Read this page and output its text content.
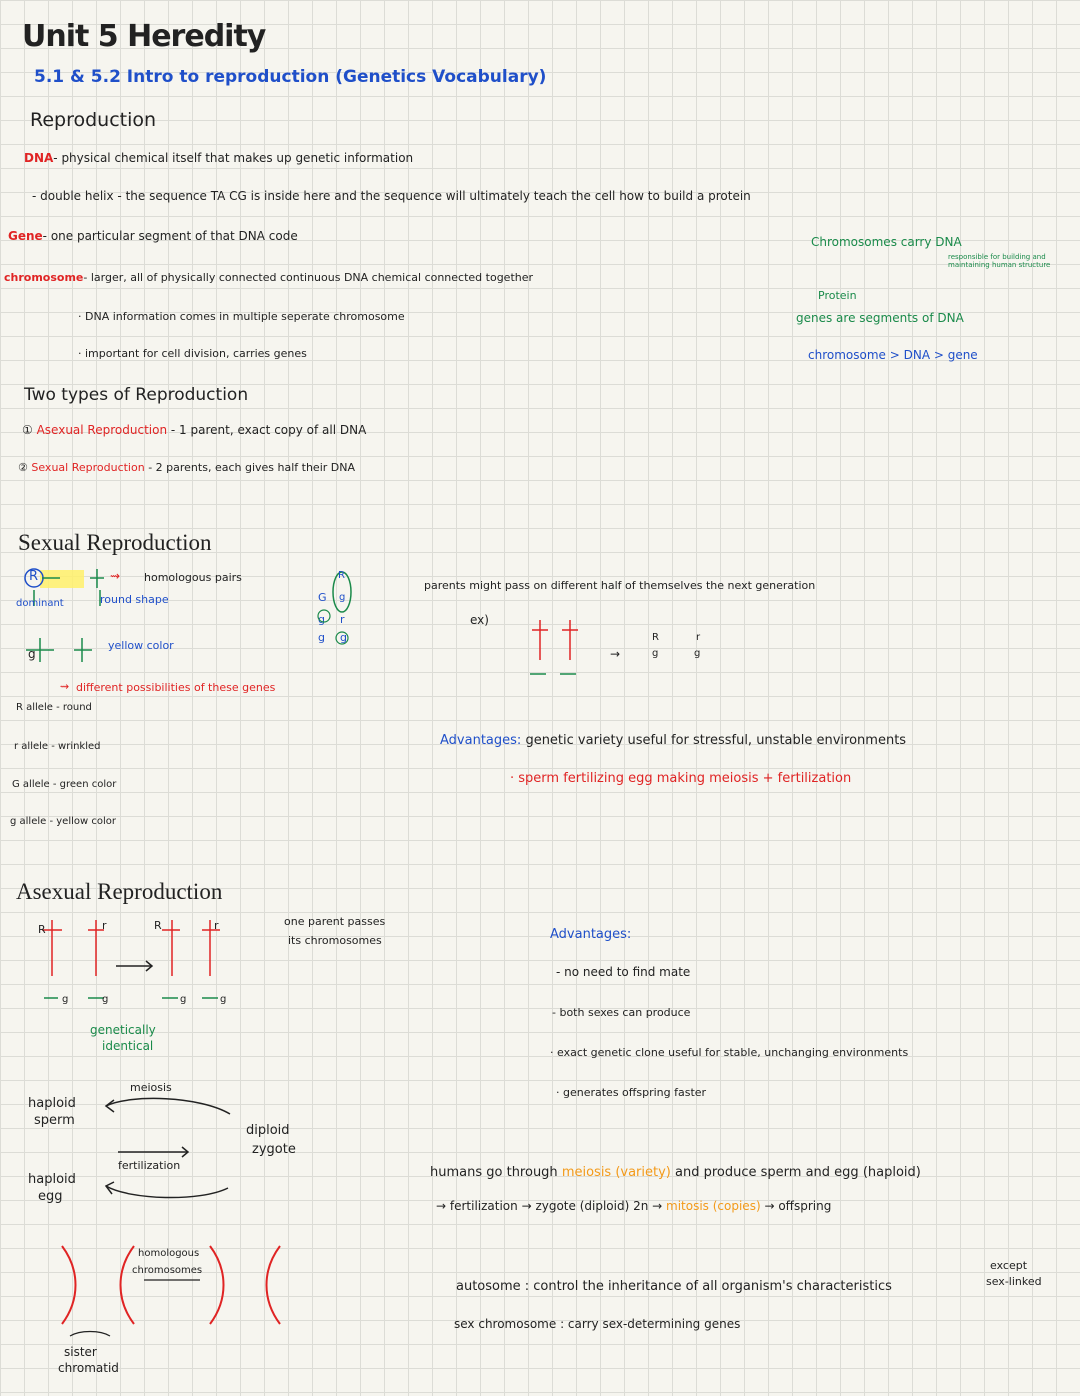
Unit 5 Heredity
5.1 & 5.2 Intro to reproduction (Genetics Vocabulary)
Reproduction
DNA- physical chemical itself that makes up genetic information
- double helix - the sequence TA CG is inside here and the sequence will ultimately teach the cell how to build a protein
Gene- one particular segment of that DNA code
chromosome- larger, all of physically connected continuous DNA chemical connected together
· DNA information comes in multiple seperate chromosome
· important for cell division, carries genes
Chromosomes carry DNA
responsible for building and maintaining human structure
Protein
genes are segments of DNA
chromosome > DNA > gene
Two types of Reproduction
① Asexual Reproduction - 1 parent, exact copy of all DNA
② Sexual Reproduction - 2 parents, each gives half their DNA
Sexual Reproduction
R	⇝ homologous pairs
dominant	round shape
g
yellow color
⇝ different possibilities of these genes
R allele - round
r allele - wrinkled
G allele - green color
g allele - yellow color
G
g
g
R
g
r
g
parents might pass on different half of themselves the next generation
ex)
→
R	r
g	g
Advantages: genetic variety useful for stressful, unstable environments
· sperm fertilizing egg making meiosis + fertilization
Asexual Reproduction
R	r	R	r
g	g	g	g
genetically
identical
one parent passes
its chromosomes	Advantages:
- no need to find mate
- both sexes can produce
· exact genetic clone useful for stable, unchanging environments
· generates offspring faster
haploid
sperm
meiosis
diploid
zygote
fertilization
haploid
egg
homologous
chromosomes
sister
chromatid
humans go through meiosis (variety) and produce sperm and egg (haploid)
→ fertilization → zygote (diploid) 2n → mitosis (copies) → offspring
autosome : control the inheritance of all organism's characteristics
except
sex-linked
sex chromosome : carry sex-determining genes
